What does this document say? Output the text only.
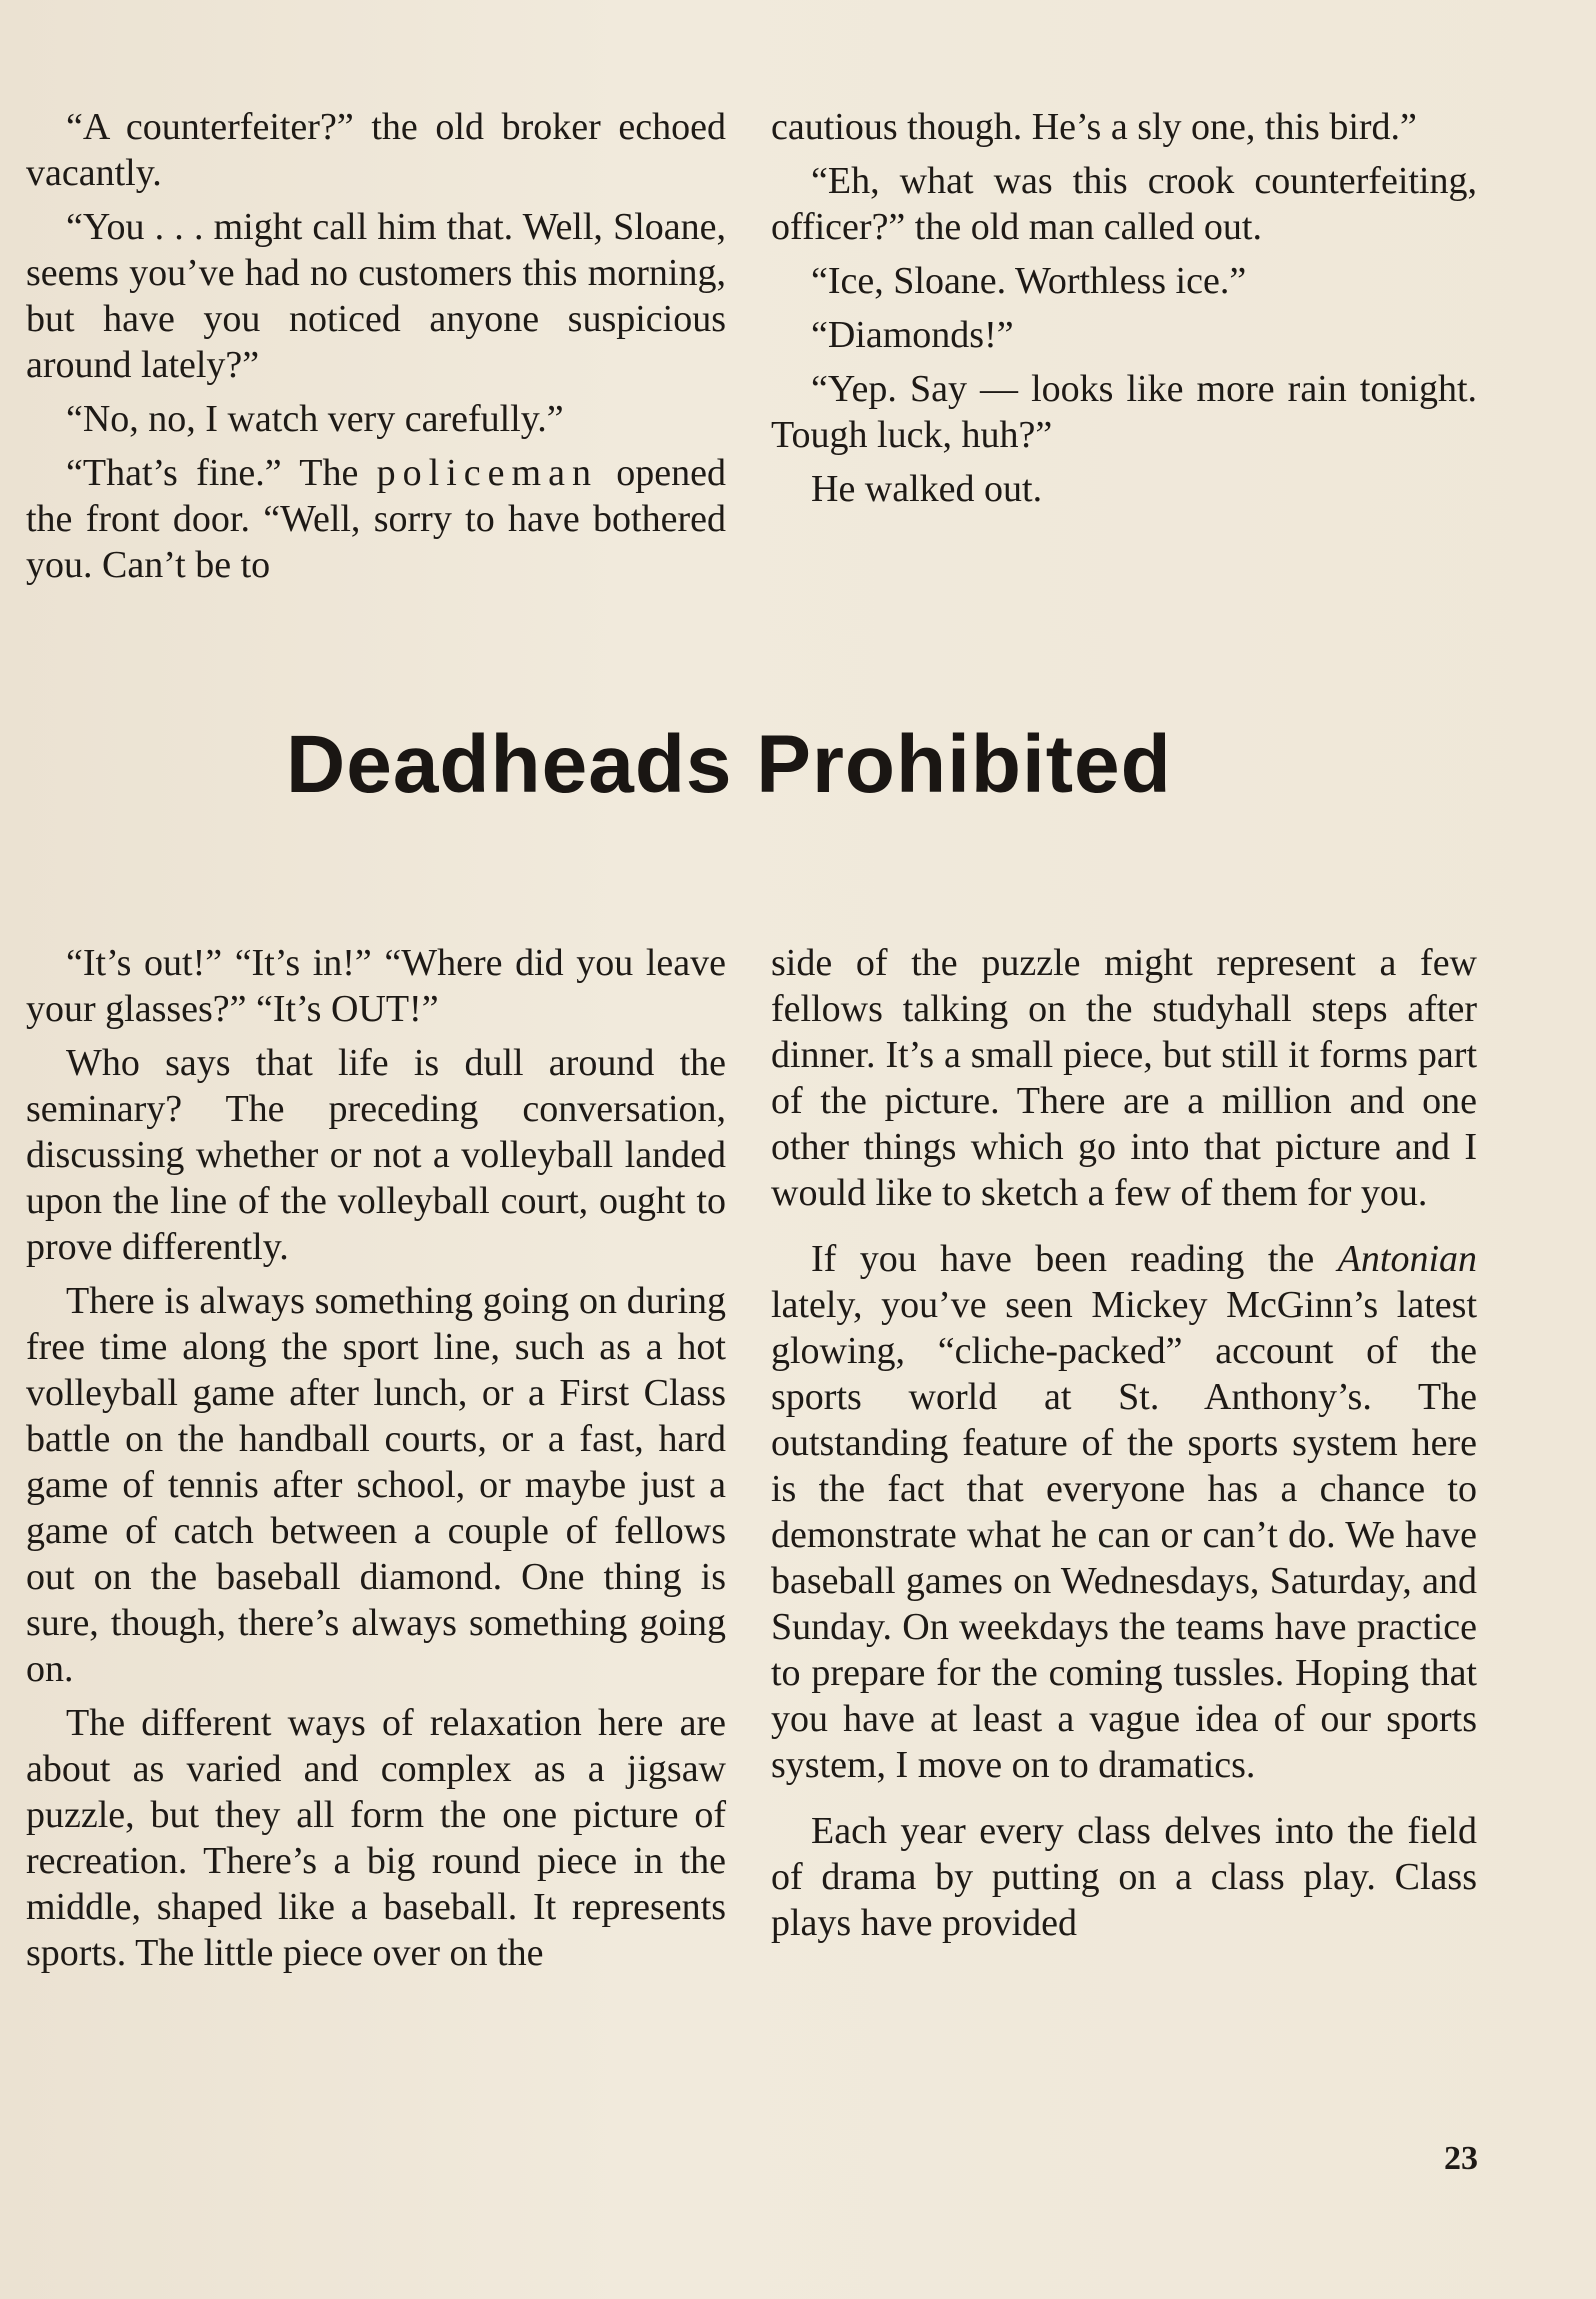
“A counterfeiter?” the old broker echoed vacantly.

“You . . . might call him that. Well, Sloane, seems you’ve had no customers this morning, but have you noticed anyone suspicious around lately?”

“No, no, I watch very carefully.”

“That’s fine.” The policeman opened the front door. “Well, sorry to have bothered you. Can’t be to

cautious though. He’s a sly one, this bird.”

“Eh, what was this crook counterfeiting, officer?” the old man called out.

“Ice, Sloane. Worthless ice.”

“Diamonds!”

“Yep. Say — looks like more rain tonight. Tough luck, huh?”

He walked out.

Deadheads Prohibited

“It’s out!” “It’s in!” “Where did you leave your glasses?” “It’s OUT!”

Who says that life is dull around the seminary? The preceding conversation, discussing whether or not a volleyball landed upon the line of the volleyball court, ought to prove differently.

There is always something going on during free time along the sport line, such as a hot volleyball game after lunch, or a First Class battle on the handball courts, or a fast, hard game of tennis after school, or maybe just a game of catch between a couple of fellows out on the baseball diamond. One thing is sure, though, there’s always something going on.

The different ways of relaxation here are about as varied and complex as a jigsaw puzzle, but they all form the one picture of recreation. There’s a big round piece in the middle, shaped like a baseball. It represents sports. The little piece over on the

side of the puzzle might represent a few fellows talking on the studyhall steps after dinner. It’s a small piece, but still it forms part of the picture. There are a million and one other things which go into that picture and I would like to sketch a few of them for you.

If you have been reading the Antonian lately, you’ve seen Mickey McGinn’s latest glowing, “cliche-packed” account of the sports world at St. Anthony’s. The outstanding feature of the sports system here is the fact that everyone has a chance to demonstrate what he can or can’t do. We have baseball games on Wednesdays, Saturday, and Sunday. On weekdays the teams have practice to prepare for the coming tussles. Hoping that you have at least a vague idea of our sports system, I move on to dramatics.

Each year every class delves into the field of drama by putting on a class play. Class plays have provided

23
